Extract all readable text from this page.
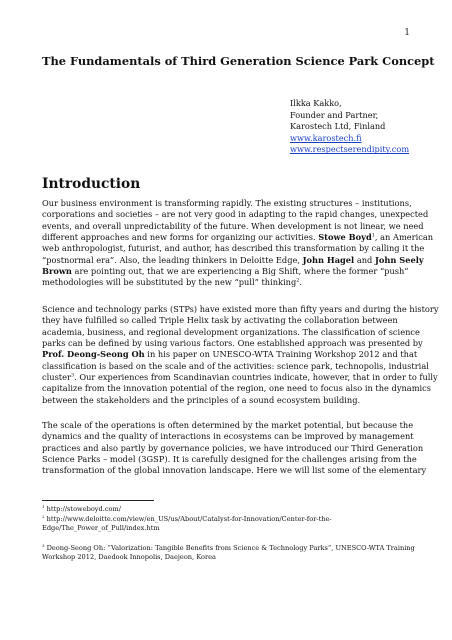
1
The Fundamentals of Third Generation Science Park Concept
Ilkka Kakko,
Founder and Partner,
Karostech Ltd, Finland
www.karostech.fi
www.respectserendipity.com
Introduction
Our business environment is transforming rapidly. The existing structures – institutions,
corporations and societies – are not very good in adapting to the rapid changes, unexpected
events, and overall unpredictability of the future. When development is not linear, we need
different approaches and new forms for organizing our activities. Stowe Boyd$^1$, an American
web anthropologist, futurist, and author, has described this transformation by calling it the
“postnormal era”. Also, the leading thinkers in Deloitte Edge, John Hagel and John Seely
Brown are pointing out, that we are experiencing a Big Shift, where the former “push”
methodologies will be substituted by the new “pull” thinking$^2$.
Science and technology parks (STPs) have existed more than fifty years and during the history
they have fulfilled so called Triple Helix task by activating the collaboration between
academia, business, and regional development organizations. The classification of science
parks can be defined by using various factors. One established approach was presented by
Prof. Deong-Seong Oh in his paper on UNESCO-WTA Training Workshop 2012 and that
classification is based on the scale and of the activities: science park, technopolis, industrial
cluster$^3$. Our experiences from Scandinavian countries indicate, however, that in order to fully
capitalize from the innovation potential of the region, one need to focus also in the dynamics
between the stakeholders and the principles of a sound ecosystem building.
The scale of the operations is often determined by the market potential, but because the
dynamics and the quality of interactions in ecosystems can be improved by management
practices and also partly by governance policies, we have introduced our Third Generation
Science Parks – model (3GSP). It is carefully designed for the challenges arising from the
transformation of the global innovation landscape. Here we will list some of the elementary
$^1$ http://stoweboyd.com/
$^2$ http://www.deloitte.com/view/en_US/us/About/Catalyst-for-Innovation/Center-for-the-
Edge/The_Power_of_Pull/index.htm
$^3$ Deong-Seong Oh: “Valorization: Tangible Benefits from Science & Technology Parks”, UNESCO-WTA Training
Workshop 2012, Daedook Innopolis, Daejeon, Korea
